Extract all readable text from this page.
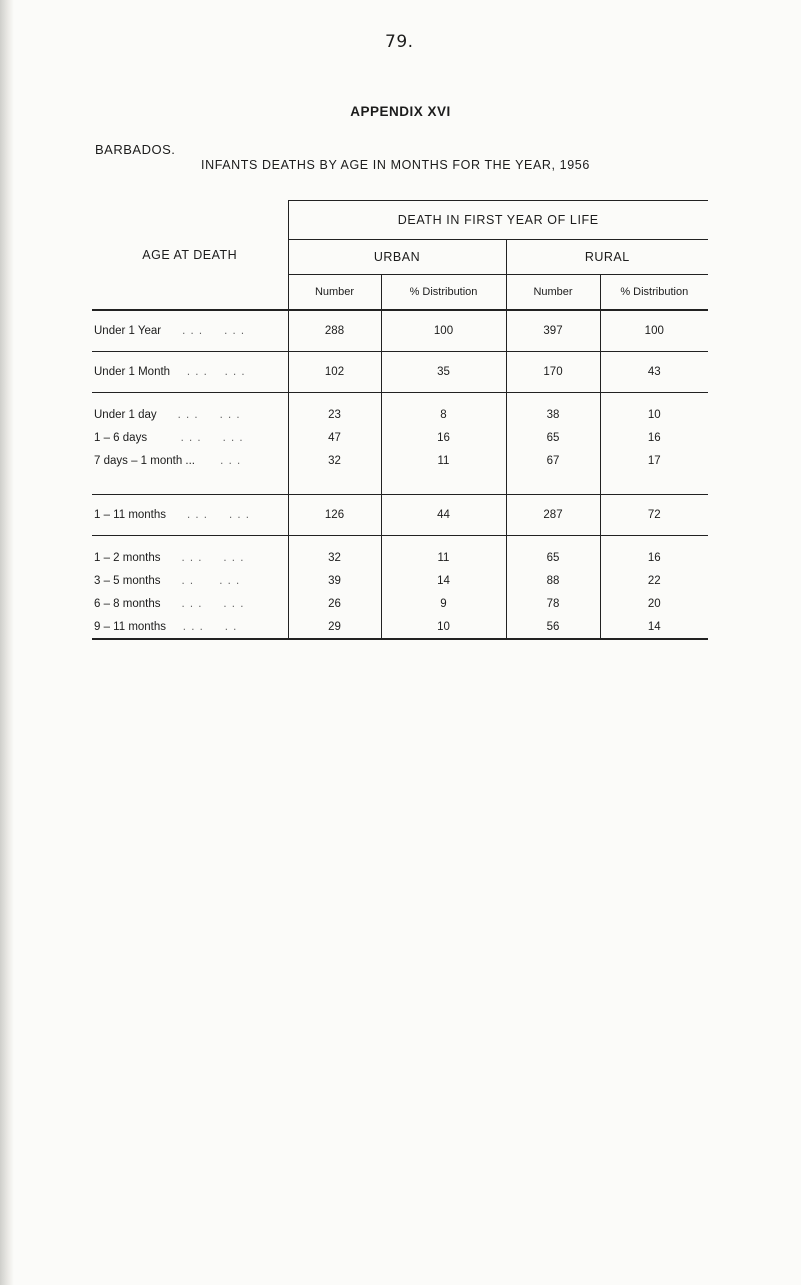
79.
APPENDIX XVI
BARBADOS.
INFANTS DEATHS BY AGE IN MONTHS FOR THE YEAR, 1956
AGE AT DEATH	DEATH IN FIRST YEAR OF LIFE			
	URBAN		RURAL	
	Number	% Distribution	Number	% Distribution
Under 1 Year     . . .     . . .	288	100	397	100
Under 1 Month    . . .    . . .	102	35	170	43
Under 1 day     . . .     . . .	23	8	38	10
1 – 6 days        . . .     . . .	47	16	65	16
7 days – 1 month ...      . . .	32	11	67	17
1 – 11 months     . . .     . . .	126	44	287	72
1 – 2 months     . . .     . . .	32	11	65	16
3 – 5 months     . .      . . .	39	14	88	22
6 – 8 months     . . .     . . .	26	9	78	20
9 – 11 months    . . .     . .	29	10	56	14
